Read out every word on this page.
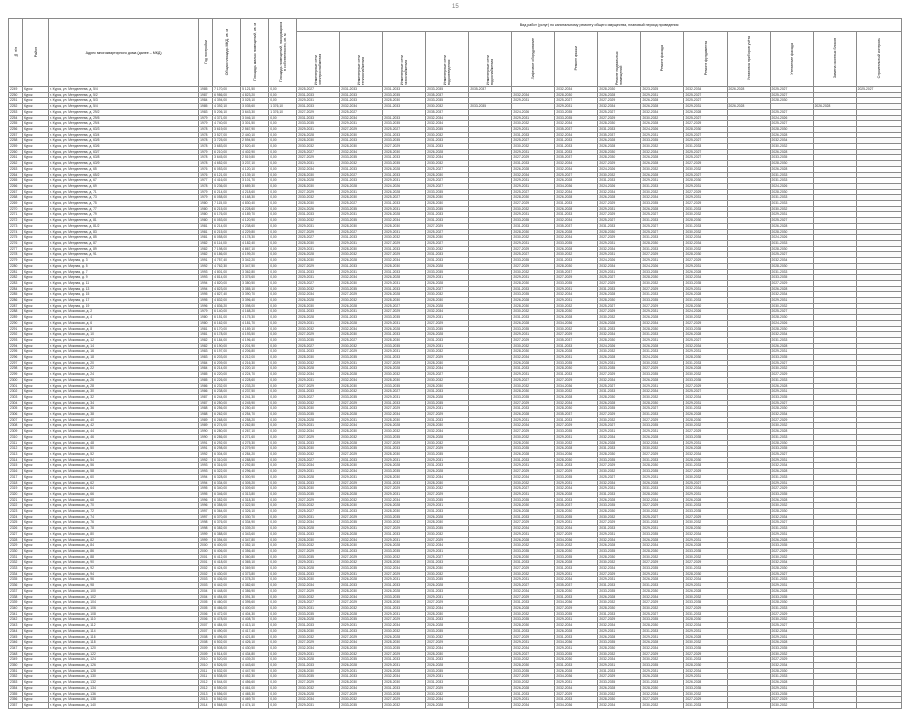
15
№ п/п	Район	Адрес многоквартирного дома (далее – МКД)	Год постройки	Общая площадь МКД, кв. м	Площадь жилых помещений, кв. м	Площадь помещений, находящихся в собственности, кв. м	Вид работ (услуг) по капитальному ремонту общего имущества, плановый период проведения													
							Инженерные сети электроснабжения	Инженерные сети теплоснабжения	Инженерные сети газоснабжения	Инженерные сети водоотведения	Инженерные сети водоснабжения	Лифтовое оборудование	Ремонт крыши	Ремонт подвальных помещений	Ремонт фасада	Ремонт фундамента	Установка приборов учёта	Утепление фасада	Замена оконных блоков	Строительный контроль
2249	Курск	г. Курск, ул. Менделеева, д. 5/4	1985	7 170,00	5 121,50	0,00	2025-2027	2031-2033	2031-2033	2033-2035	2035-2037		2032-2034	2028-2030	2023-2025	2032-2034	2026-2028	2025-2027		2025-2027
2250	Курск	г. Курск, ул. Менделеева, д. 5/2	1987	6 986,00	4 823,20	0,00	2031-2033	2031-2033	2033-2035	2035-2037		2032-2034	2028-2030	2026-2028	2029-2031	2025-2027		2025-2027		
2251	Курск	г. Курск, ул. Менделеева, д. 5/3	1984	4 394,00	3 025,10	0,00	2029-2031	2031-2033	2028-2030	2033-2035		2029-2031	2025-2027	2027-2029	2026-2028	2025-2027		2028-2030		
2252	Курск	г. Курск, ул. Менделеева, д. 5/4	1985	4 392,10	3 035,60	1 376,10	2031-2033	2032-2034	2031-2033	2030-2032	2033-2035		2029-2031	2032-2034	2026-2028	2029-2031	2026-2028		2026-2028	
2253	Курск	г. Курск, ул. Менделеева, д. 29/2	1983	5 206,10	3 643,30	1 376,10	2027-2029	2025-2027		2035-2037		2024-2026	2033-2035	2025-2027	2032-2034	2026-2028		2025-2027		
2254	Курск	г. Курск, ул. Менделеева, д. 29/5	1979	4 371,00	3 046,10	0,00	2031-2033	2032-2034	2031-2033	2032-2034		2029-2031	2033-2035	2027-2029	2030-2032	2025-2027		2024-2026		
2255	Курск	г. Курск, ул. Менделеева, д. 29/4	1979	4 740,00	3 301,50	0,00	2033-2035	2029-2031	2033-2035	2032-2034		2030-2032	2032-2034	2028-2030	2026-2028	2027-2029		2025-2027		
2256	Курск	г. Курск, ул. Менделеева, д. 63/3	1978	3 619,00	2 567,90	0,00	2029-2031	2027-2029	2025-2027	2033-2035		2029-2031	2035-2037	2031-2033	2024-2026	2028-2030		2028-2030		
2257	Курск	г. Курск, ул. Менделеева, д. 63/4	1978	3 527,00	2 440,10	0,00	2026-2028	2028-2030	2031-2033	2030-2032		2031-2033	2032-2034	2035-2037	2029-2031	2025-2027		2026-2028		
2258	Курск	г. Курск, ул. Менделеева, д. 63/5	1978	3 725,00	2 594,50	0,00	2028-2030	2031-2033	2033-2035	2031-2033		2025-2027	2031-2033	2026-2028	2033-2035	2025-2027		2032-2034		
2259	Курск	г. Курск, ул. Менделеева, д. 63/6	1978	3 683,00	2 520,40	0,00	2030-2032	2028-2030	2027-2029	2031-2033		2030-2032	2031-2033	2026-2028	2030-2032	2031-2033		2030-2032		
2260	Курск	г. Курск, ул. Менделеева, д. 63/7	1979	6 210,00	4 402,90	0,00	2025-2027	2032-2034	2028-2030	2026-2028		2029-2031	2031-2033	2028-2030	2032-2034	2025-2027		2026-2028		
2261	Курск	г. Курск, ул. Менделеева, д. 63/8	1978	3 645,00	2 519,80	0,00	2027-2029	2033-2035	2031-2033	2032-2034		2027-2029	2035-2037	2028-2030	2026-2028	2025-2027		2033-2035		
2262	Курск	г. Курск, ул. Менделеева, д. 63/9	1978	4 652,00	3 237,10	0,00	2029-2031	2030-2032	2033-2035	2030-2032		2031-2033	2032-2034	2027-2029	2026-2028	2027-2029		2028-2030		
2263	Курск	г. Курск, ул. Менделеева, д. 65	1976	6 053,00	4 120,10	0,00	2032-2034	2031-2033	2026-2028	2025-2027		2026-2028	2032-2034	2024-2026	2030-2032	2030-2032		2026-2028		
2264	Курск	г. Курск, ул. Менделеева, д. 65/2	1976	6 121,00	4 139,10	0,00	2028-2030	2025-2027	2031-2033	2028-2030		2032-2034	2025-2027	2030-2032	2026-2028	2025-2027		2031-2033		
2265	Курск	г. Курск, ул. Менделеева, д. 67	1977	4 416,00	3 101,70	0,00	2026-2028	2031-2033	2029-2031	2025-2027		2029-2031	2026-2028	2031-2033	2029-2031	2028-2030		2031-2033		
2266	Курск	г. Курск, ул. Менделеева, д. 69	1978	5 236,00	3 689,30	0,00	2028-2030	2026-2028	2024-2026	2025-2027		2029-2031	2034-2036	2024-2026	2031-2033	2029-2031		2024-2026		
2267	Курск	г. Курск, ул. Менделеева, д. 71	1979	6 214,00	4 218,60	0,00	2027-2029	2029-2031	2026-2028	2033-2035		2025-2027	2032-2034	2032-2034	2030-2032	2027-2029		2028-2030		
2268	Курск	г. Курск, ул. Менделеева, д. 73	1979	6 058,00	4 168,30	0,00	2030-2032	2028-2030	2025-2027	2028-2030		2028-2030	2026-2028	2026-2028	2032-2034	2029-2031		2031-2033		
2269	Курск	г. Курск, ул. Менделеева, д. 75	1980	7 115,00	4 830,40	0,00	2028-2030	2025-2027	2031-2033	2028-2030		2027-2029	2031-2033	2027-2029	2033-2035	2027-2029		2031-2033		
2270	Курск	г. Курск, ул. Менделеева, д. 77	1980	6 215,00	4 228,60	0,00	2024-2026	2033-2035	2029-2031	2033-2035		2030-2032	2026-2028	2029-2031	2026-2028	2031-2033		2030-2032		
2271	Курск	г. Курск, ул. Менделеева, д. 79	1980	6 176,00	4 189,70	0,00	2031-2033	2029-2031	2026-2028	2031-2033		2029-2031	2031-2033	2027-2029	2025-2027	2030-2032		2029-2031		
2272	Курск	г. Курск, ул. Менделеева, д. 81	1980	6 053,00	4 120,90	0,00	2030-2032	2033-2035	2032-2034	2031-2033		2033-2035	2032-2034	2025-2027	2031-2033	2028-2030		2025-2027		
2273	Курск	г. Курск, ул. Менделеева, д. 81/2	1981	6 214,00	4 238,60	0,00	2029-2031	2028-2030	2028-2030	2027-2029		2031-2033	2035-2037	2031-2033	2025-2027	2031-2033		2026-2028		
2274	Курск	г. Курск, ул. Менделеева, д. 83	1981	6 215,00	4 229,80	0,00	2027-2029	2025-2027	2029-2031	2025-2027		2028-2030	2026-2028	2028-2030	2025-2027	2030-2032		2028-2030		
2275	Курск	г. Курск, ул. Менделеева, д. 85	1981	6 058,00	4 178,30	0,00	2025-2027	2031-2033	2030-2032	2028-2030		2030-2032	2032-2034	2027-2029	2031-2033	2032-2034		2024-2026		
2276	Курск	г. Курск, ул. Менделеева, д. 87	1982	6 114,00	4 182,40	0,00	2028-2030	2029-2031	2027-2029	2025-2027		2029-2031	2033-2035	2029-2031	2028-2030	2032-2034		2031-2033		
2277	Курск	г. Курск, ул. Менделеева, д. 89	1982	7 198,00	4 867,10	0,00	2029-2031	2028-2030	2031-2033	2030-2032		2027-2029	2026-2028	2032-2034	2031-2033	2030-2032		2028-2030		
2278	Курск	г. Курск, ул. Менделеева, д. 91	1982	6 186,00	4 199,20	0,00	2026-2028	2030-2032	2027-2029	2031-2033		2025-2027	2030-2032	2029-2031	2027-2029	2028-2030		2025-2027		
2279	Курск	г. Курск, ул. Мирная, д. 3	1991	4 757,40	3 342,20	0,00	2028-2030	2026-2028	2032-2034	2031-2033		2033-2035	2031-2033	2024-2026	2029-2031	2027-2029		2032-2034		
2280	Курск	г. Курск, ул. Мирная, д. 5	1992	4 762,30	3 347,50	0,00	2027-2029	2031-2033	2028-2030	2026-2028		2027-2029	2028-2030	2032-2034	2024-2026	2029-2031		2028-2030		
2281	Курск	г. Курск, ул. Мирная, д. 7	1993	4 801,00	3 362,80	0,00	2031-2033	2029-2031	2031-2033	2033-2035		2030-2032	2035-2037	2029-2031	2033-2035	2026-2028		2031-2033		
2282	Курск	г. Курск, ул. Мирная, д. 9	1993	4 814,00	3 375,60	0,00	2029-2031	2032-2034	2026-2028	2029-2031		2029-2031	2027-2029	2025-2027	2028-2030	2032-2034		2033-2035		
2283	Курск	г. Курск, ул. Мирная, д. 11	1994	4 820,00	3 380,50	0,00	2025-2027	2028-2030	2029-2031	2026-2028		2028-2030	2033-2035	2027-2029	2030-2032	2033-2035		2027-2029		
2284	Курск	г. Курск, ул. Мирная, д. 13	1994	4 823,00	3 385,10	0,00	2030-2032	2033-2035	2031-2033	2025-2027		2031-2033	2029-2031	2031-2033	2027-2029	2029-2031		2026-2028		
2285	Курск	г. Курск, ул. Мирная, д. 15	1995	4 827,40	3 390,70	0,00	2032-2034	2027-2029	2026-2028	2030-2032		2033-2035	2032-2034	2026-2028	2031-2033	2026-2028		2032-2034		
2286	Курск	г. Курск, ул. Мирная, д. 17	1995	4 832,00	3 396,40	0,00	2026-2028	2030-2032	2028-2030	2028-2030		2026-2028	2029-2031	2028-2030	2033-2035	2031-2033		2029-2031		
2287	Курск	г. Курск, ул. Мирная, д. 19	1996	4 836,20	3 398,00	0,00	2028-2030	2026-2028	2025-2027	2026-2028		2028-2030	2030-2032	2025-2027	2027-2029	2028-2030		2030-2032		
2288	Курск	г. Курск, ул. Моковская, д. 2	1979	6 140,00	4 168,20	0,00	2031-2033	2029-2031	2027-2029	2032-2034		2030-2032	2028-2030	2027-2029	2029-2031	2024-2026		2025-2027		
2289	Курск	г. Курск, ул. Моковская, д. 4	1980	6 151,00	4 175,30	0,00	2026-2028	2031-2033	2033-2035	2029-2031		2031-2033	2026-2028	2030-2032	2026-2028	2030-2032		2028-2030		
2290	Курск	г. Курск, ул. Моковская, д. 6	1980	6 162,00	4 181,70	0,00	2029-2031	2026-2028	2029-2031	2027-2029		2026-2028	2034-2036	2026-2028	2032-2034	2027-2029		2024-2026		
2291	Курск	г. Курск, ул. Моковская, д. 8	1981	6 170,00	4 189,10	0,00	2030-2032	2032-2034	2026-2028	2033-2035		2033-2035	2030-2032	2031-2033	2028-2030	2033-2035		2028-2030		
2292	Курск	г. Курск, ул. Моковская, д. 10	1981	6 178,00	4 193,50	0,00	2027-2029	2028-2030	2031-2033	2026-2028		2029-2031	2027-2029	2032-2034	2031-2033	2026-2028		2032-2034		
2293	Курск	г. Курск, ул. Моковская, д. 12	1982	6 184,00	4 196,40	0,00	2033-2035	2025-2027	2028-2030	2031-2033		2027-2029	2035-2037	2028-2030	2029-2031	2025-2027		2031-2033		
2294	Курск	г. Курск, ул. Моковская, д. 14	1982	6 190,00	4 201,90	0,00	2025-2027	2030-2032	2033-2035	2029-2031		2030-2032	2031-2033	2024-2026	2026-2028	2032-2034		2026-2028		
2295	Курск	г. Курск, ул. Моковская, д. 16	1983	6 197,00	4 206,80	0,00	2031-2033	2027-2029	2029-2031	2030-2032		2028-2030	2026-2028	2030-2032	2031-2033	2029-2031		2029-2031		
2296	Курск	г. Курск, ул. Моковская, д. 18	1983	6 203,00	4 212,00	0,00	2028-2030	2033-2035	2031-2033	2027-2029		2032-2034	2029-2031	2026-2028	2024-2026	2028-2030		2033-2035		
2297	Курск	г. Курск, ул. Моковская, д. 20	1984	6 209,00	4 216,30	0,00	2030-2032	2029-2031	2027-2029	2028-2030		2026-2028	2033-2035	2029-2031	2030-2032	2031-2033		2025-2027		
2298	Курск	г. Курск, ул. Моковская, д. 22	1984	6 214,00	4 220,10	0,00	2026-2028	2031-2033	2026-2028	2032-2034		2031-2033	2028-2030	2033-2035	2027-2029	2026-2028		2030-2032		
2299	Курск	г. Курск, ул. Моковская, д. 24	1985	6 220,00	4 224,70	0,00	2032-2034	2026-2028	2030-2032	2025-2027		2029-2031	2031-2033	2027-2029	2033-2035	2030-2032		2027-2029		
2300	Курск	г. Курск, ул. Моковская, д. 26	1985	6 226,00	4 228,60	0,00	2029-2031	2032-2034	2028-2030	2030-2032		2025-2027	2027-2029	2032-2034	2026-2028	2033-2035		2031-2033		
2301	Курск	г. Курск, ул. Моковская, д. 28	1986	6 232,00	4 233,20	0,00	2027-2029	2028-2030	2033-2035	2028-2030		2030-2032	2034-2036	2025-2027	2029-2031	2027-2029		2026-2028		
2302	Курск	г. Курск, ул. Моковская, д. 30	1986	6 238,00	4 237,50	0,00	2031-2033	2030-2032	2025-2027	2031-2033		2028-2030	2030-2032	2031-2033	2032-2034	2025-2027		2029-2031		
2303	Курск	г. Курск, ул. Моковская, д. 32	1987	6 244,00	4 241,30	0,00	2025-2027	2033-2035	2029-2031	2026-2028		2033-2035	2026-2028	2028-2030	2030-2032	2032-2034		2033-2035		
2304	Курск	г. Курск, ул. Моковская, д. 34	1987	6 250,00	4 245,90	0,00	2030-2032	2027-2029	2031-2033	2033-2035		2027-2029	2032-2034	2026-2028	2028-2030	2029-2031		2025-2027		
2305	Курск	г. Курск, ул. Моковская, д. 36	1988	6 256,00	4 250,40	0,00	2028-2030	2031-2033	2027-2029	2029-2031		2031-2033	2028-2030	2033-2035	2025-2027	2031-2033		2028-2030		
2306	Курск	г. Курск, ул. Моковская, д. 38	1988	6 262,00	4 254,70	0,00	2033-2035	2026-2028	2032-2034	2027-2029		2026-2028	2035-2037	2027-2029	2031-2033	2026-2028		2032-2034		
2307	Курск	г. Курск, ул. Моковская, д. 40	1989	6 268,00	4 258,20	0,00	2026-2028	2029-2031	2028-2030	2031-2033		2029-2031	2031-2033	2030-2032	2027-2029	2028-2030		2027-2029		
2308	Курск	г. Курск, ул. Моковская, д. 42	1989	6 274,00	4 262,80	0,00	2029-2031	2032-2034	2026-2028	2028-2030		2032-2034	2027-2029	2025-2027	2033-2035	2030-2032		2030-2032		
2309	Курск	г. Курск, ул. Моковская, д. 44	1990	6 280,00	4 267,10	0,00	2032-2034	2028-2030	2030-2032	2032-2034		2027-2029	2033-2035	2029-2031	2029-2031	2027-2029		2026-2028		
2310	Курск	г. Курск, ул. Моковская, д. 46	1990	6 286,00	4 271,60	0,00	2027-2029	2030-2032	2033-2035	2026-2028		2030-2032	2029-2031	2032-2034	2026-2028	2033-2035		2031-2033		
2311	Курск	г. Курск, ул. Моковская, д. 48	1991	6 292,00	4 275,30	0,00	2031-2033	2026-2028	2027-2029	2030-2032		2028-2030	2030-2032	2026-2028	2032-2034	2029-2031		2028-2030		
2312	Курск	г. Курск, ул. Моковская, д. 50	1991	6 298,00	4 279,90	0,00	2028-2030	2033-2035	2031-2033	2027-2029		2033-2035	2026-2028	2031-2033	2030-2032	2026-2028		2033-2035		
2313	Курск	г. Курск, ул. Моковская, д. 52	1992	6 304,00	4 284,20	0,00	2030-2032	2027-2029	2028-2030	2033-2035		2026-2028	2034-2036	2028-2030	2027-2029	2032-2034		2025-2027		
2314	Курск	г. Курск, ул. Моковская, д. 54	1992	6 310,00	4 288,50	0,00	2025-2027	2031-2033	2029-2031	2029-2031		2031-2033	2028-2030	2033-2035	2031-2033	2028-2030		2029-2031		
2315	Курск	г. Курск, ул. Моковская, д. 56	1993	6 316,00	4 292,80	0,00	2032-2034	2028-2030	2026-2028	2031-2033		2029-2031	2031-2033	2027-2029	2028-2030	2031-2033		2032-2034		
2316	Курск	г. Курск, ул. Моковская, д. 58	1993	6 322,00	4 296,40	0,00	2029-2031	2032-2034	2033-2035	2026-2028		2027-2029	2027-2029	2030-2032	2033-2035	2027-2029		2026-2028		
2317	Курск	г. Курск, ул. Моковская, д. 60	1994	6 328,00	4 300,90	0,00	2026-2028	2029-2031	2028-2030	2032-2034		2032-2034	2033-2035	2025-2027	2029-2031	2030-2032		2031-2033		
2318	Курск	г. Курск, ул. Моковская, д. 62	1994	6 334,00	4 305,20	0,00	2031-2033	2027-2029	2031-2033	2028-2030		2030-2032	2029-2031	2032-2034	2026-2028	2025-2027		2029-2031		
2319	Курск	г. Курск, ул. Моковская, д. 64	1995	6 340,00	4 309,60	0,00	2028-2030	2033-2035	2027-2029	2030-2032		2025-2027	2032-2034	2029-2031	2031-2033	2032-2034		2027-2029		
2320	Курск	г. Курск, ул. Моковская, д. 66	1995	6 346,00	4 313,80	0,00	2033-2035	2026-2028	2029-2031	2027-2029		2029-2031	2026-2028	2031-2033	2028-2030	2029-2031		2033-2035		
2321	Курск	г. Курск, ул. Моковская, д. 68	1996	6 352,00	4 318,30	0,00	2027-2029	2030-2032	2032-2034	2033-2035		2033-2035	2031-2033	2026-2028	2032-2034	2026-2028		2026-2028		
2322	Курск	г. Курск, ул. Моковская, д. 70	1996	6 358,00	4 322,50	0,00	2030-2032	2028-2030	2026-2028	2029-2031		2028-2030	2035-2037	2033-2035	2027-2029	2031-2033		2030-2032		
2323	Курск	г. Курск, ул. Моковская, д. 72	1997	6 364,00	4 326,10	0,00	2025-2027	2031-2033	2028-2030	2031-2033		2026-2028	2028-2030	2028-2030	2030-2032	2033-2035		2028-2030		
2324	Курск	г. Курск, ул. Моковская, д. 74	1997	6 370,00	4 330,70	0,00	2029-2031	2027-2029	2033-2035	2026-2028		2031-2033	2033-2035	2030-2032	2025-2027	2027-2029		2032-2034		
2325	Курск	г. Курск, ул. Моковская, д. 76	1998	6 376,00	4 334,90	0,00	2032-2034	2033-2035	2030-2032	2028-2030		2027-2029	2029-2031	2027-2029	2031-2033	2030-2032		2025-2027		
2326	Курск	г. Курск, ул. Моковская, д. 78	1998	6 382,00	4 339,20	0,00	2026-2028	2029-2031	2027-2029	2033-2035		2032-2034	2032-2034	2031-2033	2029-2031	2028-2030		2031-2033		
2327	Курск	г. Курск, ул. Моковская, д. 80	1999	6 388,00	4 343,60	0,00	2031-2033	2026-2028	2031-2033	2030-2032		2029-2031	2027-2029	2029-2031	2033-2035	2032-2034		2029-2031		
2328	Курск	г. Курск, ул. Моковская, д. 82	1999	6 394,00	4 347,80	0,00	2028-2030	2032-2034	2029-2031	2027-2029		2026-2028	2034-2036	2032-2034	2026-2028	2029-2031		2026-2028		
2329	Курск	г. Курск, ул. Моковская, д. 84	2000	6 400,00	4 352,10	0,00	2030-2032	2028-2030	2026-2028	2032-2034		2030-2032	2030-2032	2026-2028	2032-2034	2026-2028		2033-2035		
2330	Курск	г. Курск, ул. Моковская, д. 86	2000	6 406,00	4 356,40	0,00	2027-2029	2031-2033	2033-2035	2029-2031		2033-2035	2028-2030	2033-2035	2028-2030	2033-2035		2027-2029		
2331	Курск	г. Курск, ул. Моковская, д. 88	2001	6 412,00	4 360,80	0,00	2033-2035	2027-2029	2030-2032	2025-2027		2028-2030	2033-2035	2028-2030	2030-2032	2030-2032		2030-2032		
2332	Курск	г. Курск, ул. Моковская, д. 90	2001	6 418,00	4 365,10	0,00	2029-2031	2030-2032	2028-2030	2031-2033		2031-2033	2026-2028	2030-2032	2027-2029	2027-2029		2032-2034		
2333	Курск	г. Курск, ул. Моковская, д. 92	2002	6 424,00	4 369,50	0,00	2026-2028	2033-2035	2032-2034	2028-2030		2027-2029	2031-2033	2032-2034	2033-2035	2031-2033		2028-2030		
2334	Курск	г. Курск, ул. Моковская, д. 94	2002	6 430,00	4 373,80	0,00	2031-2033	2029-2031	2027-2029	2030-2032		2030-2032	2029-2031	2027-2029	2029-2031	2028-2030		2025-2027		
2335	Курск	г. Курск, ул. Моковская, д. 96	2003	6 436,00	4 378,20	0,00	2028-2030	2026-2028	2029-2031	2033-2035		2029-2031	2032-2034	2029-2031	2026-2028	2032-2034		2031-2033		
2336	Курск	г. Курск, ул. Моковская, д. 98	2003	6 442,00	4 382,60	0,00	2032-2034	2031-2033	2031-2033	2026-2028		2025-2027	2035-2037	2031-2033	2031-2033	2029-2031		2029-2031		
2337	Курск	г. Курск, ул. Моковская, д. 100	2004	6 448,00	4 386,90	0,00	2027-2029	2028-2030	2026-2028	2031-2033		2032-2034	2028-2030	2033-2035	2028-2030	2026-2028		2026-2028		
2338	Курск	г. Курск, ул. Моковская, д. 102	2004	6 454,00	4 391,30	0,00	2030-2032	2032-2034	2033-2035	2029-2031		2027-2029	2031-2033	2026-2028	2032-2034	2030-2032		2033-2035		
2339	Курск	г. Курск, ул. Моковская, д. 104	2005	6 460,00	4 395,60	0,00	2025-2027	2027-2029	2028-2030	2027-2029		2031-2033	2034-2036	2030-2032	2027-2029	2033-2035		2028-2030		
2340	Курск	г. Курск, ул. Моковская, д. 106	2005	6 466,00	4 400,00	0,00	2029-2031	2030-2032	2031-2033	2032-2034		2026-2028	2027-2029	2028-2030	2030-2032	2027-2029		2031-2033		
2341	Курск	г. Курск, ул. Моковская, д. 108	2006	6 472,00	4 404,30	0,00	2033-2035	2026-2028	2029-2031	2028-2030		2030-2032	2033-2035	2031-2033	2025-2027	2031-2033		2027-2029		
2342	Курск	г. Курск, ул. Моковская, д. 110	2006	6 478,00	4 408,70	0,00	2026-2028	2033-2035	2027-2029	2031-2033		2033-2035	2029-2031	2027-2029	2033-2035	2028-2030		2030-2032		
2343	Курск	г. Курск, ул. Моковская, д. 112	2007	6 484,00	4 413,10	0,00	2031-2033	2029-2031	2032-2034	2026-2028		2028-2030	2032-2034	2032-2034	2028-2030	2032-2034		2025-2027		
2344	Курск	г. Курск, ул. Моковская, д. 114	2007	6 490,00	4 417,40	0,00	2028-2030	2031-2033	2030-2032	2033-2035		2031-2033	2026-2028	2029-2031	2031-2033	2029-2031		2032-2034		
2345	Курск	г. Курск, ул. Моковская, д. 116	2008	6 496,00	4 421,80	0,00	2030-2032	2027-2029	2026-2028	2030-2032		2027-2029	2031-2033	2026-2028	2029-2031	2026-2028		2029-2031		
2346	Курск	г. Курск, ул. Моковская, д. 118	2008	6 502,00	4 426,10	0,00	2027-2029	2032-2034	2028-2030	2027-2029		2029-2031	2034-2036	2033-2035	2026-2028	2030-2032		2026-2028		
2347	Курск	г. Курск, ул. Моковская, д. 120	2009	6 508,00	4 430,50	0,00	2032-2034	2028-2030	2033-2035	2032-2034		2032-2034	2029-2031	2028-2030	2032-2034	2033-2035		2033-2035		
2348	Курск	г. Курск, ул. Моковская, д. 122	2009	6 514,00	4 434,80	0,00	2029-2031	2030-2032	2027-2029	2028-2030		2025-2027	2033-2035	2030-2032	2027-2029	2027-2029		2030-2032		
2349	Курск	г. Курск, ул. Моковская, д. 124	2010	6 520,00	4 439,20	0,00	2026-2028	2033-2035	2031-2033	2031-2033		2030-2032	2028-2030	2032-2034	2030-2032	2031-2033		2027-2029		
2350	Курск	г. Курск, ул. Моковская, д. 126	2010	6 526,00	4 443,60	0,00	2031-2033	2026-2028	2029-2031	2026-2028		2028-2030	2031-2033	2029-2031	2033-2035	2028-2030		2032-2034		
2351	Курск	г. Курск, ул. Моковская, д. 128	2011	6 532,00	4 447,90	0,00	2028-2030	2029-2031	2026-2028	2033-2035		2033-2035	2026-2028	2031-2033	2029-2031	2032-2034		2028-2030		
2352	Курск	г. Курск, ул. Моковская, д. 130	2011	6 538,00	4 452,30	0,00	2033-2035	2031-2033	2032-2034	2029-2031		2027-2029	2034-2036	2027-2029	2026-2028	2029-2031		2031-2033		
2353	Курск	г. Курск, ул. Моковская, д. 132	2012	6 544,00	4 456,60	0,00	2027-2029	2028-2030	2028-2030	2031-2033		2030-2032	2029-2031	2033-2035	2031-2033	2026-2028		2026-2028		
2354	Курск	г. Курск, ул. Моковская, д. 134	2012	6 550,00	4 461,00	0,00	2030-2032	2032-2034	2031-2033	2027-2029		2026-2028	2032-2034	2026-2028	2028-2030	2033-2035		2029-2031		
2355	Курск	г. Курск, ул. Моковская, д. 136	2013	6 556,00	4 465,30	0,00	2026-2028	2027-2029	2033-2035	2030-2032		2031-2033	2027-2029	2030-2032	2032-2034	2030-2032		2033-2035		
2356	Курск	г. Курск, ул. Моковская, д. 138	2013	6 562,00	4 469,70	0,00	2032-2034	2030-2032	2027-2029	2032-2034		2029-2031	2031-2033	2028-2030	2027-2029	2027-2029		2027-2029		
2357	Курск	г. Курск, ул. Моковская, д. 140	2014	6 568,00	4 474,10	0,00	2029-2031	2033-2035	2030-2032	2026-2028		2032-2034	2034-2036	2032-2034	2030-2032	2031-2033		2030-2032		
